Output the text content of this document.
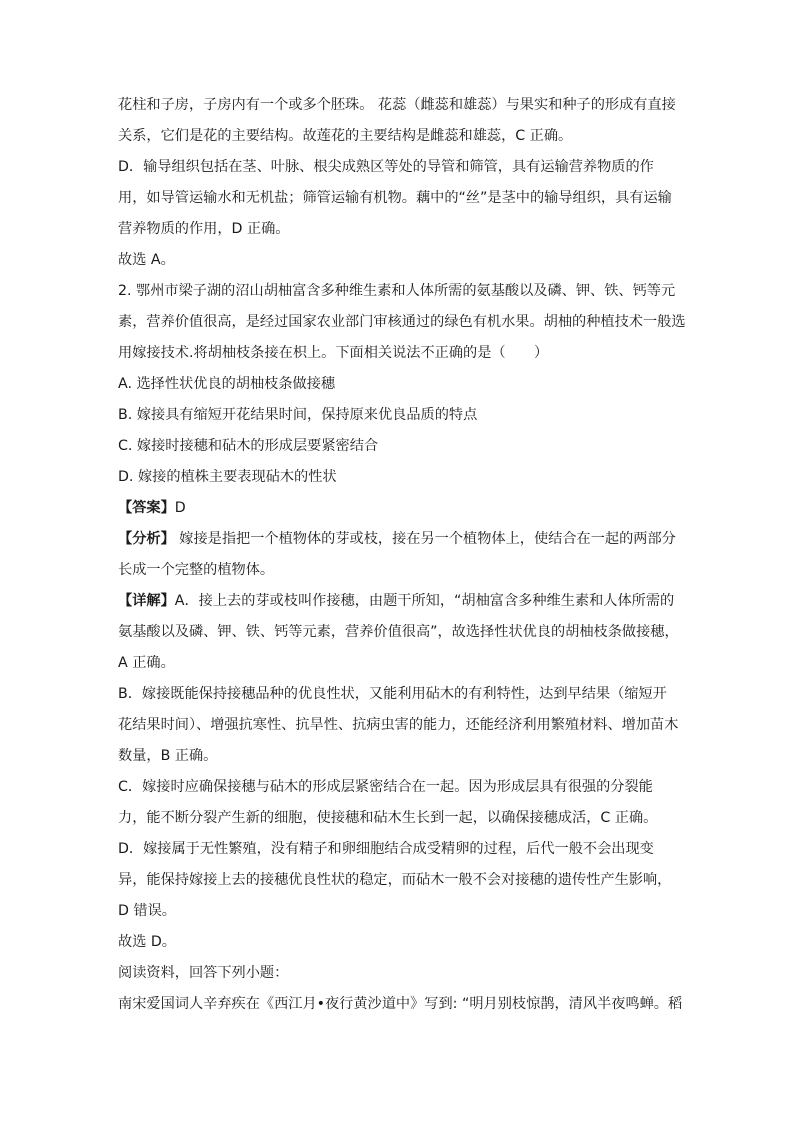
花柱和子房，子房内有一个或多个胚珠。 花蕊（雌蕊和雄蕊）与果实和种子的形成有直接

关系，它们是花的主要结构。故莲花的主要结构是雌蕊和雄蕊，C 正确。

D．输导组织包括在茎、叶脉、根尖成熟区等处的导管和筛管，具有运输营养物质的作

用，如导管运输水和无机盐；筛管运输有机物。藕中的“丝”是茎中的输导组织，具有运输

营养物质的作用，D 正确。

故选 A。

2. 鄂州市梁子湖的沼山胡柚富含多种维生素和人体所需的氨基酸以及磷、钾、铁、钙等元

素，营养价值很高，是经过国家农业部门审核通过的绿色有机水果。胡柚的种植技术一般选

用嫁接技术.将胡柚枝条接在枳上。下面相关说法不正确的是（　　）

A. 选择性状优良的胡柚枝条做接穗

B. 嫁接具有缩短开花结果时间，保持原来优良品质的特点

C. 嫁接时接穗和砧木的形成层要紧密结合

D. 嫁接的植株主要表现砧木的性状

【答案】D

【分析】 嫁接是指把一个植物体的芽或枝，接在另一个植物体上，使结合在一起的两部分

长成一个完整的植物体。

【详解】A．接上去的芽或枝叫作接穗，由题干所知，“胡柚富含多种维生素和人体所需的

氨基酸以及磷、钾、铁、钙等元素，营养价值很高”，故选择性状优良的胡柚枝条做接穗，

A 正确。

B．嫁接既能保持接穗品种的优良性状，又能利用砧木的有利特性，达到早结果（缩短开

花结果时间）、增强抗寒性、抗旱性、抗病虫害的能力，还能经济利用繁殖材料、增加苗木

数量，B 正确。

C．嫁接时应确保接穗与砧木的形成层紧密结合在一起。因为形成层具有很强的分裂能

力，能不断分裂产生新的细胞，使接穗和砧木生长到一起，以确保接穗成活，C 正确。

D．嫁接属于无性繁殖，没有精子和卵细胞结合成受精卵的过程，后代一般不会出现变

异，能保持嫁接上去的接穗优良性状的稳定，而砧木一般不会对接穗的遗传性产生影响，

D 错误。

故选 D。

阅读资料，回答下列小题：

南宋爱国词人辛弃疾在《西江月•夜行黄沙道中》写到: “明月别枝惊鹊，清风半夜鸣蝉。稻
